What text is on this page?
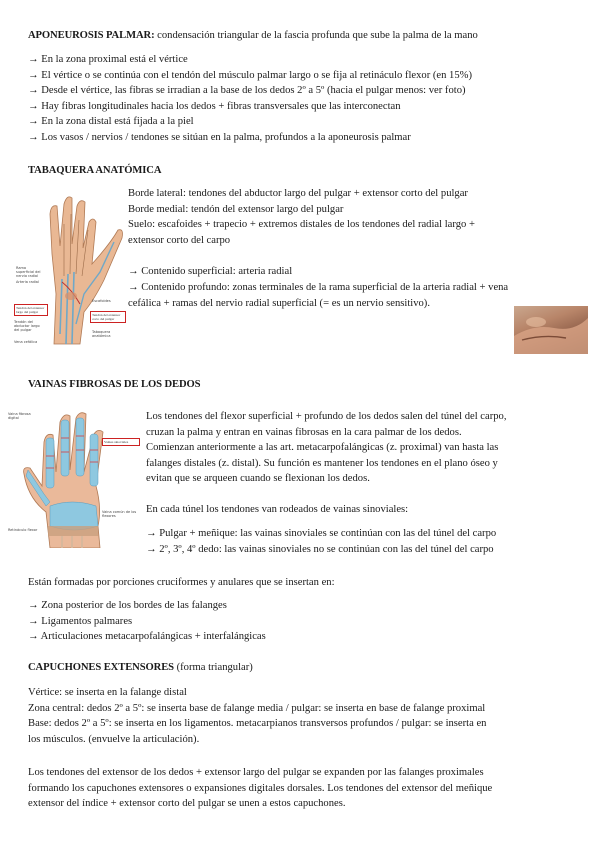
APONEUROSIS PALMAR: condensación triangular de la fascia profunda que sube la palma de la mano
→ En la zona proximal está el vértice
→ El vértice o se continúa con el tendón del músculo palmar largo o se fija al retináculo flexor (en 15%)
→ Desde el vértice, las fibras se irradian a la base de los dedos 2º a 5º (hacia el pulgar menos: ver foto)
→ Hay fibras longitudinales hacia los dedos + fibras transversales que las interconectan
→ En la zona distal está fijada a la piel
→ Los vasos / nervios / tendones se sitúan en la palma, profundos a la aponeurosis palmar
TABAQUERA ANATÓMICA
Rama superficial del nervio radial
Arteria radial
Escafoides
Tendón del extensor largo del pulgar
Tendón del extensor corto del pulgar
Tendón del abductor largo del pulgar	Tabaquera anatómica
Vena cefálica
Borde lateral: tendones del abductor largo del pulgar + extensor corto del pulgar
Borde medial: tendón del extensor largo del pulgar
Suelo: escafoides + trapecio + extremos distales de los tendones del radial largo +
extensor corto del carpo
→ Contenido superficial: arteria radial
→ Contenido profundo: zonas terminales de la rama superficial de la arteria radial + vena
cefálica + ramas del nervio radial superficial (= es un nervio sensitivo).
VAINAS FIBROSAS DE LOS DEDOS
Vaina fibrosa digital
Vainas sinoviales
Vaina común de los flexores
Retináculo flexor
Los tendones del flexor superficial + profundo de los dedos salen del túnel del carpo,
cruzan la palma y entran en vainas fibrosas en la cara palmar de los dedos.
Comienzan anteriormente a las art. metacarpofalángicas (z. proximal) van hasta las
falanges distales (z. distal). Su función es mantener los tendones en el plano óseo y
evitan que se arqueen cuando se flexionan los dedos.
En cada túnel los tendones van rodeados de vainas sinoviales:
→ Pulgar + meñique: las vainas sinoviales se continúan con las del túnel del carpo
→ 2º, 3º, 4º dedo: las vainas sinoviales no se continúan con las del túnel del carpo
Están formadas por porciones cruciformes y anulares que se insertan en:
→ Zona posterior de los bordes de las falanges
→ Ligamentos palmares
→ Articulaciones metacarpofalángicas + interfalángicas
CAPUCHONES EXTENSORES (forma triangular)
Vértice: se inserta en la falange distal
Zona central: dedos 2º a 5º: se inserta base de falange media / pulgar: se inserta en base de falange proximal
Base: dedos 2º a 5º: se inserta en los ligamentos. metacarpianos transversos profundos / pulgar: se inserta en
los músculos. (envuelve la articulación).
Los tendones del extensor de los dedos + extensor largo del pulgar se expanden por las falanges proximales
formando los capuchones extensores o expansiones digitales dorsales. Los tendones del extensor del meñique
extensor del índice + extensor corto del pulgar se unen a estos capuchones.
